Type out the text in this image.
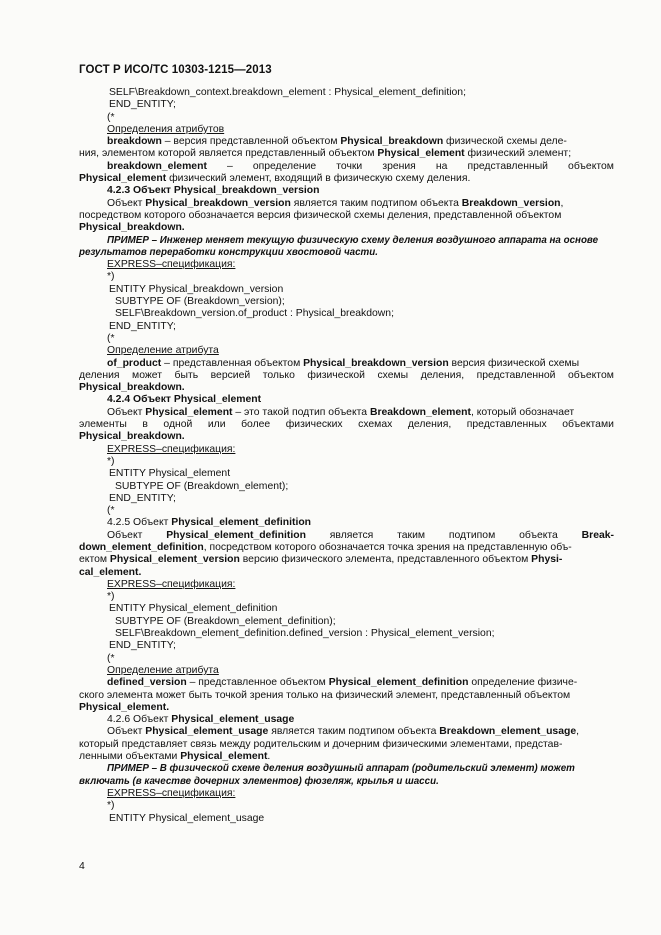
ГОСТ Р ИСО/ТС 10303-1215—2013
SELF\Breakdown_context.breakdown_element : Physical_element_definition;
END_ENTITY;
(*
Определения атрибутов
breakdown – версия представленной объектом Physical_breakdown физической схемы деле-
ния, элементом которой является представленный объектом Physical_element физический элемент;
breakdown_element – определение точки зрения на представленный объектом
Physical_element физический элемент, входящий в физическую схему деления.
4.2.3 Объект Physical_breakdown_version
Объект Physical_breakdown_version является таким подтипом объекта Breakdown_version,
посредством которого обозначается версия физической схемы деления, представленной объектом
Physical_breakdown.
ПРИМЕР – Инженер меняет текущую физическую схему деления воздушного аппарата на основе
результатов переработки конструкции хвостовой части.
EXPRESS–спецификация:
*)
ENTITY Physical_breakdown_version
SUBTYPE OF (Breakdown_version);
SELF\Breakdown_version.of_product : Physical_breakdown;
END_ENTITY;
(*
Определение атрибута
of_product – представленная объектом Physical_breakdown_version версия физической схемы
деления может быть версией только физической схемы деления, представленной объектом
Physical_breakdown.
4.2.4 Объект Physical_element
Объект Physical_element – это такой подтип объекта Breakdown_element, который обозначает
элементы в одной или более физических схемах деления, представленных объектами
Physical_breakdown.
EXPRESS–спецификация:
*)
ENTITY Physical_element
SUBTYPE OF (Breakdown_element);
END_ENTITY;
(*
4.2.5 Объект Physical_element_definition
Объект Physical_element_definition является таким подтипом объекта Break-
down_element_definition, посредством которого обозначается точка зрения на представленную объ-
ектом Physical_element_version версию физического элемента, представленного объектом Physi-
cal_element.
EXPRESS–спецификация:
*)
ENTITY Physical_element_definition
SUBTYPE OF (Breakdown_element_definition);
SELF\Breakdown_element_definition.defined_version : Physical_element_version;
END_ENTITY;
(*
Определение атрибута
defined_version – представленное объектом Physical_element_definition определение физиче-
ского элемента может быть точкой зрения только на физический элемент, представленный объектом
Physical_element.
4.2.6 Объект Physical_element_usage
Объект Physical_element_usage является таким подтипом объекта Breakdown_element_usage,
который представляет связь между родительским и дочерним физическими элементами, представ-
ленными объектами Physical_element.
ПРИМЕР – В физической схеме деления воздушный аппарат (родительский элемент) может
включать (в качестве дочерних элементов) фюзеляж, крылья и шасси.
EXPRESS–спецификация:
*)
ENTITY Physical_element_usage
4
